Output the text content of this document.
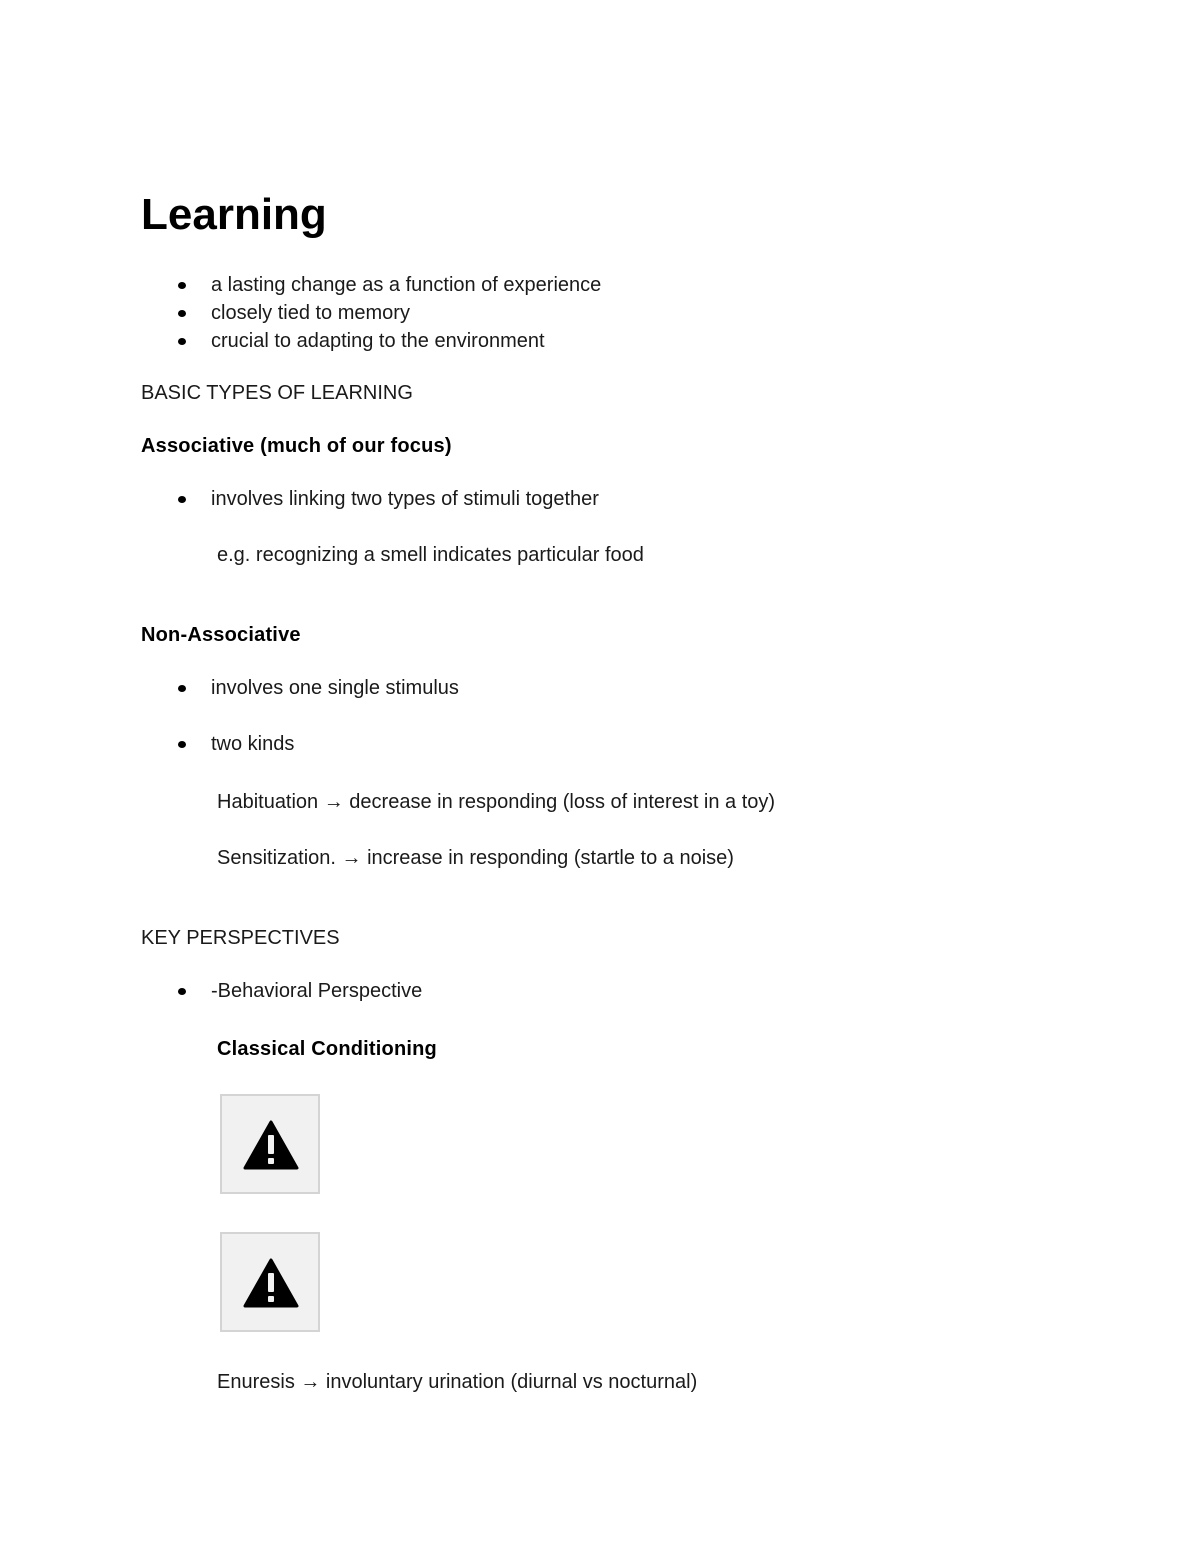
Learning
a lasting change as a function of experience
closely tied to memory
crucial to adapting to the environment
BASIC TYPES OF LEARNING
Associative (much of our focus)
involves linking two types of stimuli together
e.g. recognizing a smell indicates particular food
Non-Associative
involves one single stimulus
two kinds
Habituation → decrease in responding (loss of interest in a toy)
Sensitization. → increase in responding (startle to a noise)
KEY PERSPECTIVES
-Behavioral Perspective
Classical Conditioning
Enuresis → involuntary urination (diurnal vs nocturnal)
